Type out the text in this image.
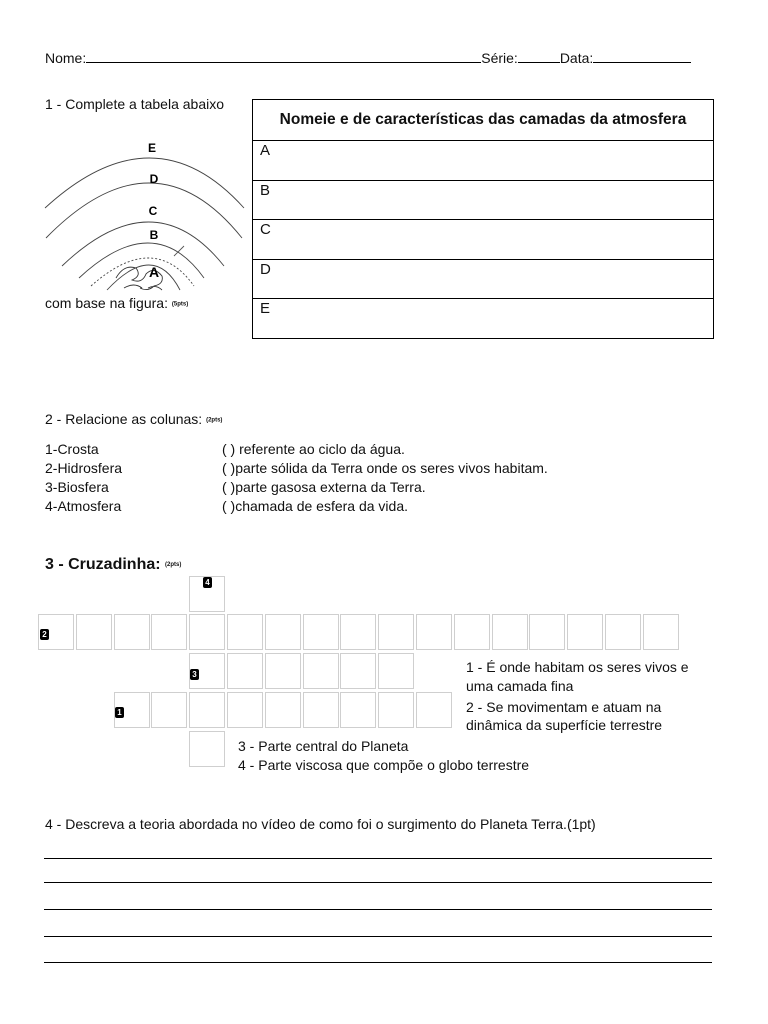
Nome:	Série:	Data:
1 - Complete a tabela abaixo
E
D
C
B
A
com base na figura: (5pts)
Nomeie e de características das camadas da atmosfera
A
B
C
D
E
2 - Relacione as colunas: (2pts)
1-Crosta	( ) referente ao ciclo da água.
2-Hidrosfera	( )parte sólida da Terra onde os seres vivos habitam.
3-Biosfera	( )parte gasosa externa da Terra.
4-Atmosfera	( )chamada de esfera da vida.
3 - Cruzadinha: (2pts)
4
2
3
1
1 - É onde habitam os seres vivos e
uma camada fina
2 - Se movimentam e atuam na
dinâmica da superfície terrestre
3 - Parte central do Planeta
4 - Parte viscosa que compõe o globo terrestre
4 - Descreva a teoria abordada no vídeo de como foi o surgimento do Planeta Terra.(1pt)
